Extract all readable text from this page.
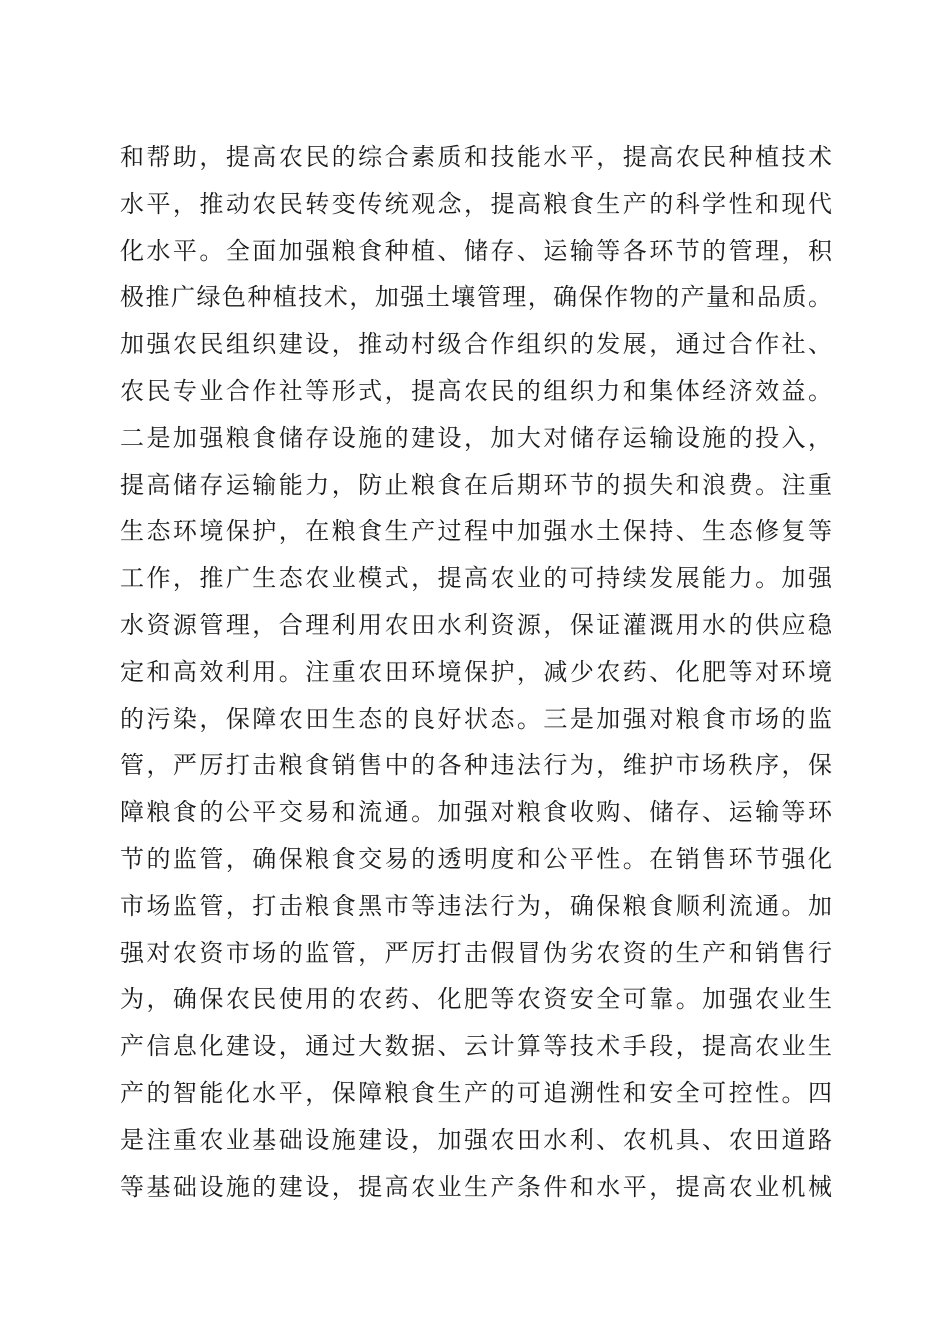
和帮助，提高农民的综合素质和技能水平，提高农民种植技术
水平，推动农民转变传统观念，提高粮食生产的科学性和现代
化水平。全面加强粮食种植、储存、运输等各环节的管理，积
极推广绿色种植技术，加强土壤管理，确保作物的产量和品质。
加强农民组织建设，推动村级合作组织的发展，通过合作社、
农民专业合作社等形式，提高农民的组织力和集体经济效益。
二是加强粮食储存设施的建设，加大对储存运输设施的投入，
提高储存运输能力，防止粮食在后期环节的损失和浪费。注重
生态环境保护，在粮食生产过程中加强水土保持、生态修复等
工作，推广生态农业模式，提高农业的可持续发展能力。加强
水资源管理，合理利用农田水利资源，保证灌溉用水的供应稳
定和高效利用。注重农田环境保护，减少农药、化肥等对环境
的污染，保障农田生态的良好状态。三是加强对粮食市场的监
管，严厉打击粮食销售中的各种违法行为，维护市场秩序，保
障粮食的公平交易和流通。加强对粮食收购、储存、运输等环
节的监管，确保粮食交易的透明度和公平性。在销售环节强化
市场监管，打击粮食黑市等违法行为，确保粮食顺利流通。加
强对农资市场的监管，严厉打击假冒伪劣农资的生产和销售行
为，确保农民使用的农药、化肥等农资安全可靠。加强农业生
产信息化建设，通过大数据、云计算等技术手段，提高农业生
产的智能化水平，保障粮食生产的可追溯性和安全可控性。四
是注重农业基础设施建设，加强农田水利、农机具、农田道路
等基础设施的建设，提高农业生产条件和水平，提高农业机械
